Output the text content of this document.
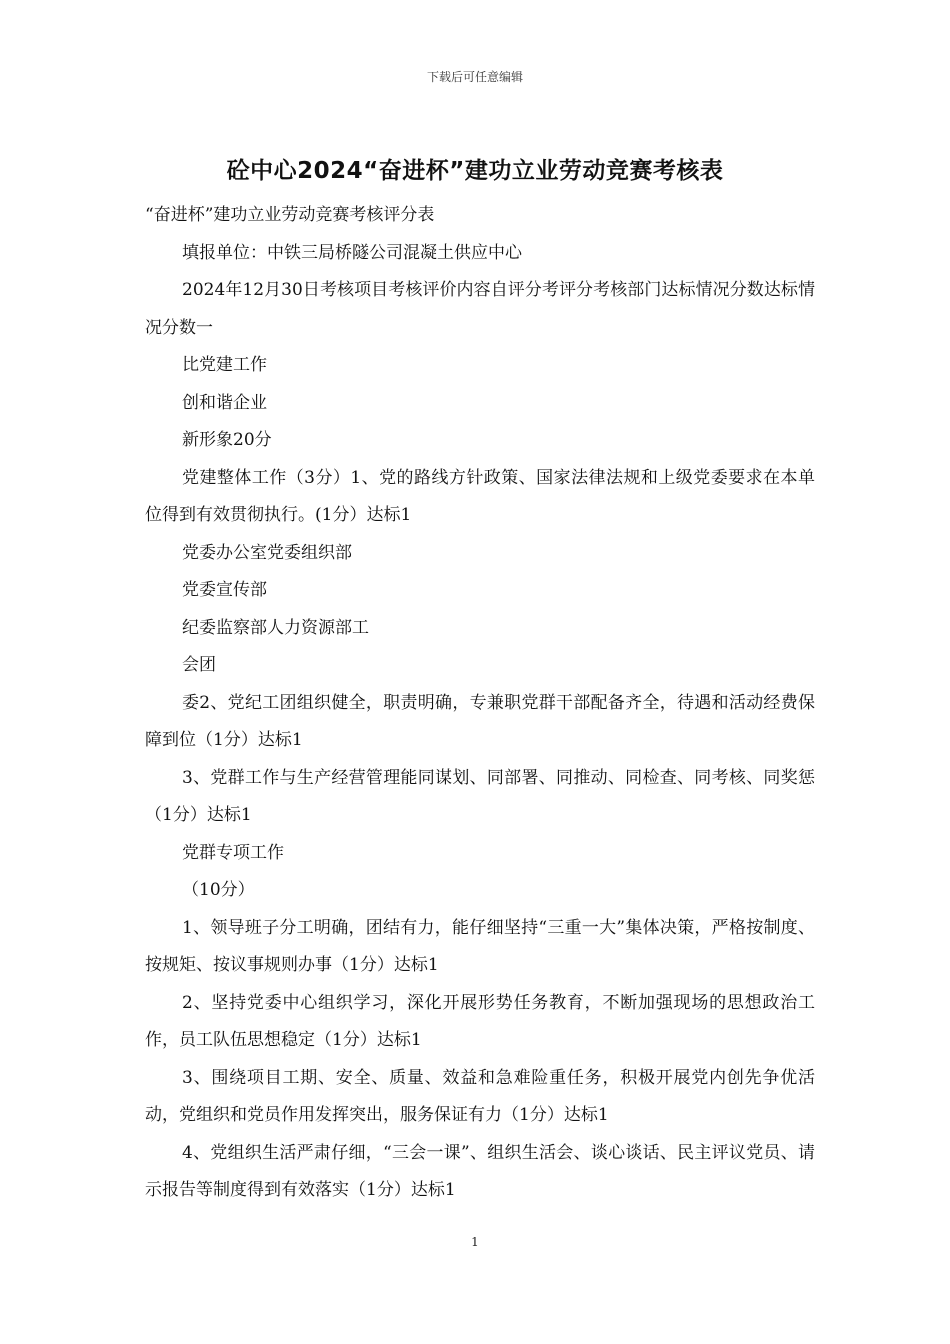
下载后可任意编辑
砼中心2024“奋进杯”建功立业劳动竞赛考核表

“奋进杯”建功立业劳动竞赛考核评分表

填报单位：中铁三局桥隧公司混凝土供应中心

2024年12月30日考核项目考核评价内容自评分考评分考核部门达标情况分数达标情况分数一

比党建工作

创和谐企业

新形象20分

党建整体工作（3分）1、党的路线方针政策、国家法律法规和上级党委要求在本单位得到有效贯彻执行。(1分）达标1

党委办公室党委组织部

党委宣传部

纪委监察部人力资源部工

会团

委2、党纪工团组织健全，职责明确，专兼职党群干部配备齐全，待遇和活动经费保障到位（1分）达标1

3、党群工作与生产经营管理能同谋划、同部署、同推动、同检查、同考核、同奖惩（1分）达标1

党群专项工作

（10分）

1、领导班子分工明确，团结有力，能仔细坚持“三重一大”集体决策，严格按制度、按规矩、按议事规则办事（1分）达标1

2、坚持党委中心组织学习，深化开展形势任务教育，不断加强现场的思想政治工作，员工队伍思想稳定（1分）达标1

3、围绕项目工期、安全、质量、效益和急难险重任务，积极开展党内创先争优活动，党组织和党员作用发挥突出，服务保证有力（1分）达标1

4、党组织生活严肃仔细，“三会一课”、组织生活会、谈心谈话、民主评议党员、请示报告等制度得到有效落实（1分）达标1

1
